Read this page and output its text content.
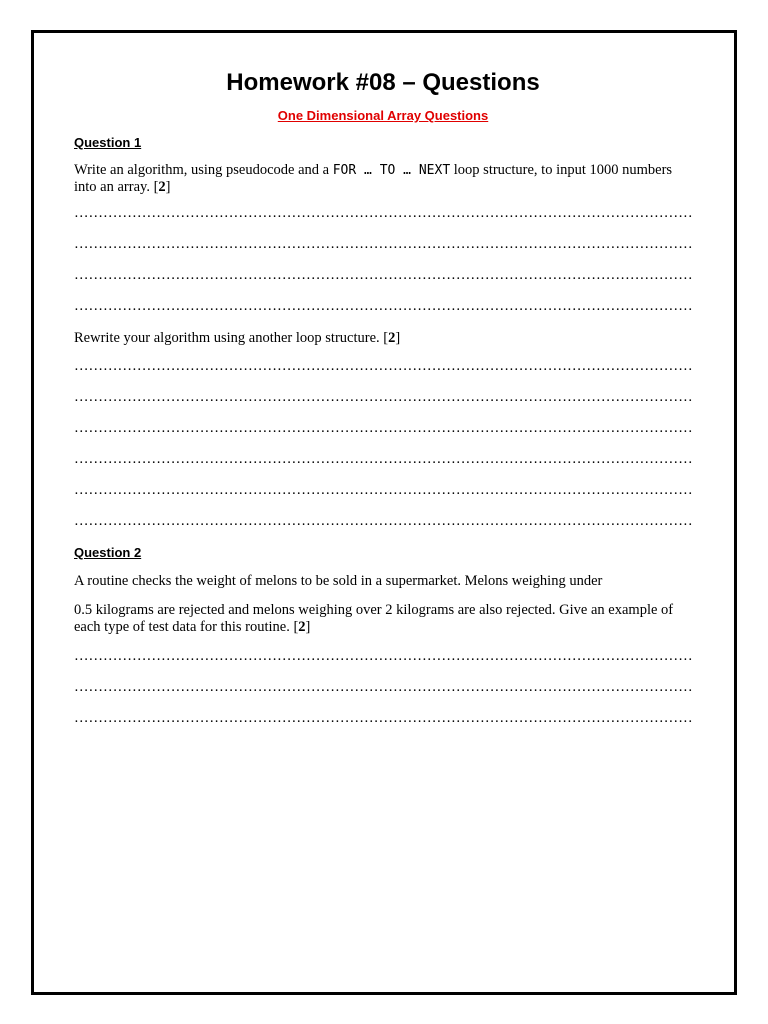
Homework #08 – Questions
One Dimensional Array Questions
Question 1

Write an algorithm, using pseudocode and a FOR … TO … NEXT loop structure, to input 1000 numbers into an array. [2]

…………………………………………………………………………………………………………………………………………………………………………………………
…………………………………………………………………………………………………………………………………………………………………………………………
…………………………………………………………………………………………………………………………………………………………………………………………
…………………………………………………………………………………………………………………………………………………………………………………………

Rewrite your algorithm using another loop structure. [2]

…………………………………………………………………………………………………………………………………………………………………………………………
…………………………………………………………………………………………………………………………………………………………………………………………
…………………………………………………………………………………………………………………………………………………………………………………………
…………………………………………………………………………………………………………………………………………………………………………………………
…………………………………………………………………………………………………………………………………………………………………………………………
…………………………………………………………………………………………………………………………………………………………………………………………
Question 2

A routine checks the weight of melons to be sold in a supermarket. Melons weighing under

0.5 kilograms are rejected and melons weighing over 2 kilograms are also rejected. Give an example of each type of test data for this routine. [2]

…………………………………………………………………………………………………………………………………………………………………………………………
…………………………………………………………………………………………………………………………………………………………………………………………
…………………………………………………………………………………………………………………………………………………………………………………………
